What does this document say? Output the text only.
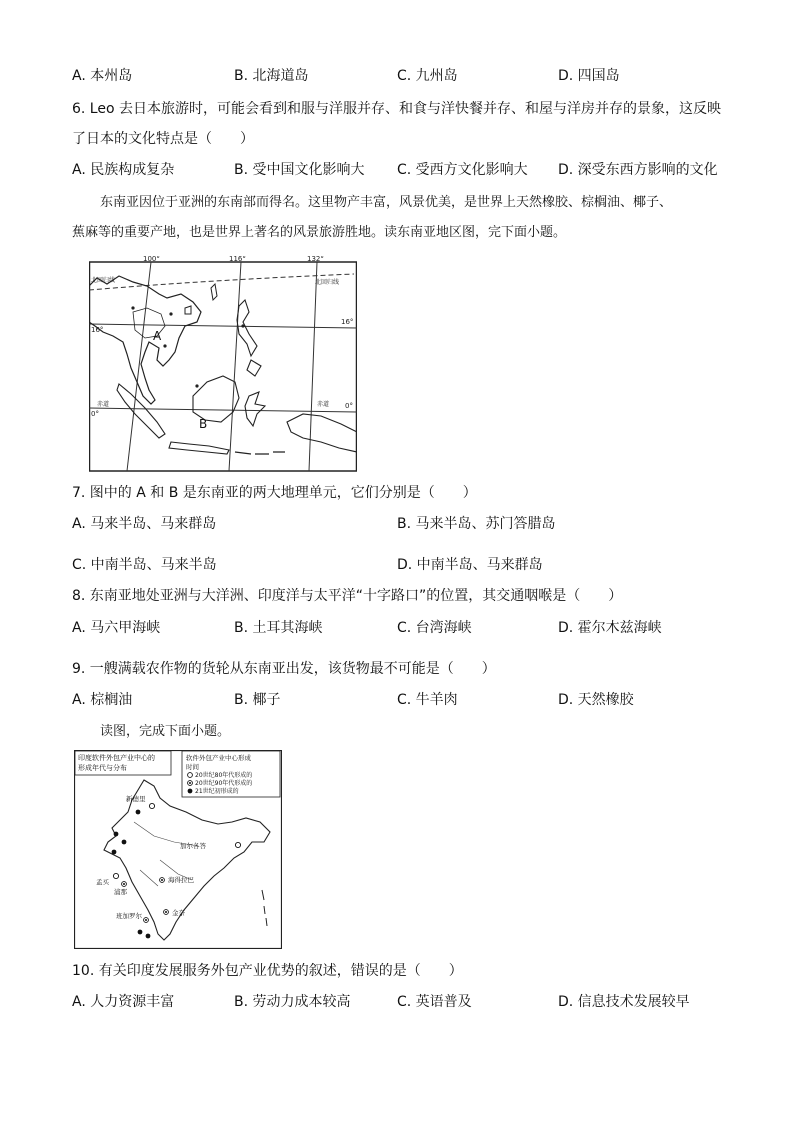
A. 本州岛	B. 北海道岛	C. 九州岛	D. 四国岛
6. Leo 去日本旅游时，可能会看到和服与洋服并存、和食与洋快餐并存、和屋与洋房并存的景象，这反映
了日本的文化特点是（　　）
A. 民族构成复杂	B. 受中国文化影响大 C. 受西方文化影响大 D. 深受东西方影响的文化
东南亚因位于亚洲的东南部而得名。这里物产丰富，风景优美，是世界上天然橡胶、棕榈油、椰子、
蕉麻等的重要产地，也是世界上著名的风景旅游胜地。读东南亚地区图，完下面小题。
100°	116°	132°
16°
16°
0°
0°
北回归线	北回归线
赤道	赤道
A
B
7. 图中的 A 和 B 是东南亚的两大地理单元，它们分别是（　　）
A. 马来半岛、马来群岛	B. 马来半岛、苏门答腊岛
C. 中南半岛、马来半岛	D. 中南半岛、马来群岛
8. 东南亚地处亚洲与大洋洲、印度洋与太平洋“十字路口”的位置，其交通咽喉是（　　）
A. 马六甲海峡	B. 土耳其海峡	C. 台湾海峡	D. 霍尔木兹海峡
9. 一艘满载农作物的货轮从东南亚出发，该货物最不可能是（　　）
A. 棕榈油	B. 椰子	C. 牛羊肉	D. 天然橡胶
读图，完成下面小题。
印度软件外包产业中心的
形成年代与分布
软件外包产业中心形成
时间
20世纪80年代形成的
20世纪90年代形成的
21世纪初形成的
新德里
加尔各答
孟买
浦那
海得拉巴
班加罗尔	金奈
10. 有关印度发展服务外包产业优势的叙述，错误的是（　　）
A. 人力资源丰富	B. 劳动力成本较高	C. 英语普及	D. 信息技术发展较早
